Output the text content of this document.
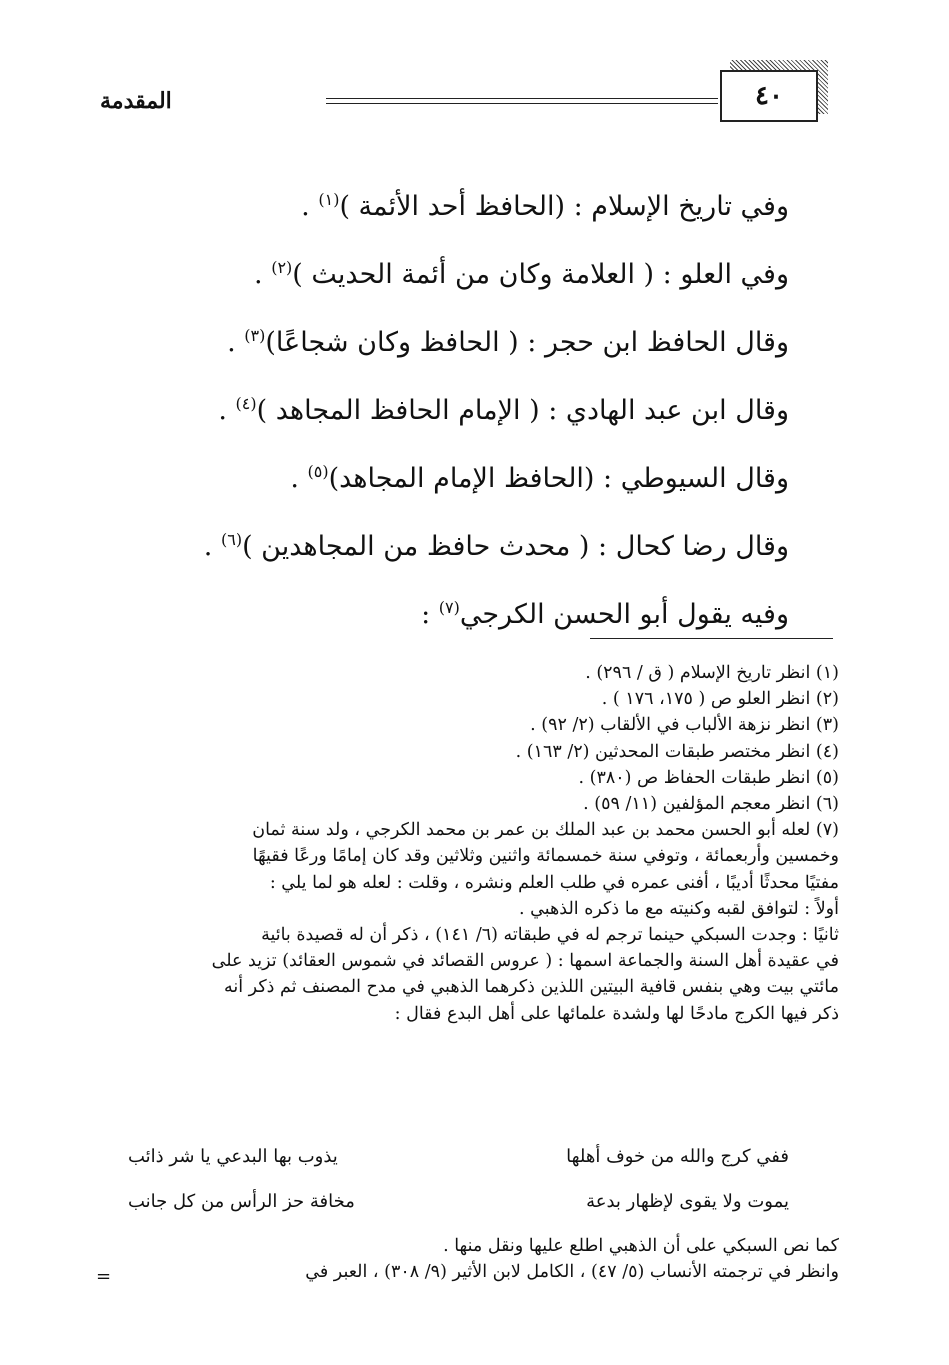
٤٠
المقدمة
وفي تاريخ الإسلام : (الحافظ أحد الأئمة )$^{(١)}$ .
وفي العلو : ( العلامة وكان من أئمة الحديث )$^{(٢)}$ .
وقال الحافظ ابن حجر : ( الحافظ وكان شجاعًا)$^{(٣)}$ .
وقال ابن عبد الهادي : ( الإمام الحافظ المجاهد )$^{(٤)}$ .
وقال السيوطي : (الحافظ الإمام المجاهد)$^{(٥)}$ .
وقال رضا كحال : ( محدث حافظ من المجاهدين )$^{(٦)}$ .
وفيه يقول أبو الحسن الكرجي$^{(٧)}$ :
(١) انظر تاريخ الإسلام ( ق / ٢٩٦) .
(٢) انظر العلو ص ( ١٧٥، ١٧٦ ) .
(٣) انظر نزهة الألباب في الألقاب (٢/ ٩٢) .
(٤) انظر مختصر طبقات المحدثين (٢/ ١٦٣) .
(٥) انظر طبقات الحفاظ ص (٣٨٠) .
(٦) انظر معجم المؤلفين (١١/ ٥٩) .
(٧) لعله أبو الحسن محمد بن عبد الملك بن عمر بن محمد الكرجي ، ولد سنة ثمان
وخمسين وأربعمائة ، وتوفي سنة خمسمائة واثنين وثلاثين وقد كان إمامًا ورعًا فقيهًا
مفتيًا محدثًا أديبًا ، أفنى عمره في طلب العلم ونشره ، وقلت : لعله هو لما يلي :
أولاً : لتوافق لقبه وكنيته مع ما ذكره الذهبي .
ثانيًا : وجدت السبكي حينما ترجم له في طبقاته (٦/ ١٤١) ، ذكر أن له قصيدة بائية
في عقيدة أهل السنة والجماعة اسمها : ( عروس القصائد في شموس العقائد) تزيد على
مائتي بيت وهي بنفس قافية البيتين اللذين ذكرهما الذهبي في مدح المصنف ثم ذكر أنه
ذكر فيها الكرج مادحًا لها ولشدة علمائها على أهل البدع فقال :
ففي كرج والله من خوف أهلها
يذوب بها البدعي يا شر ذائب
يموت ولا يقوى لإظهار بدعة
مخافة حز الرأس من كل جانب
كما نص السبكي على أن الذهبي اطلع عليها ونقل منها .
وانظر في ترجمته الأنساب (٥/ ٤٧) ، الكامل لابن الأثير (٩/ ٣٠٨) ، العبر في
=
